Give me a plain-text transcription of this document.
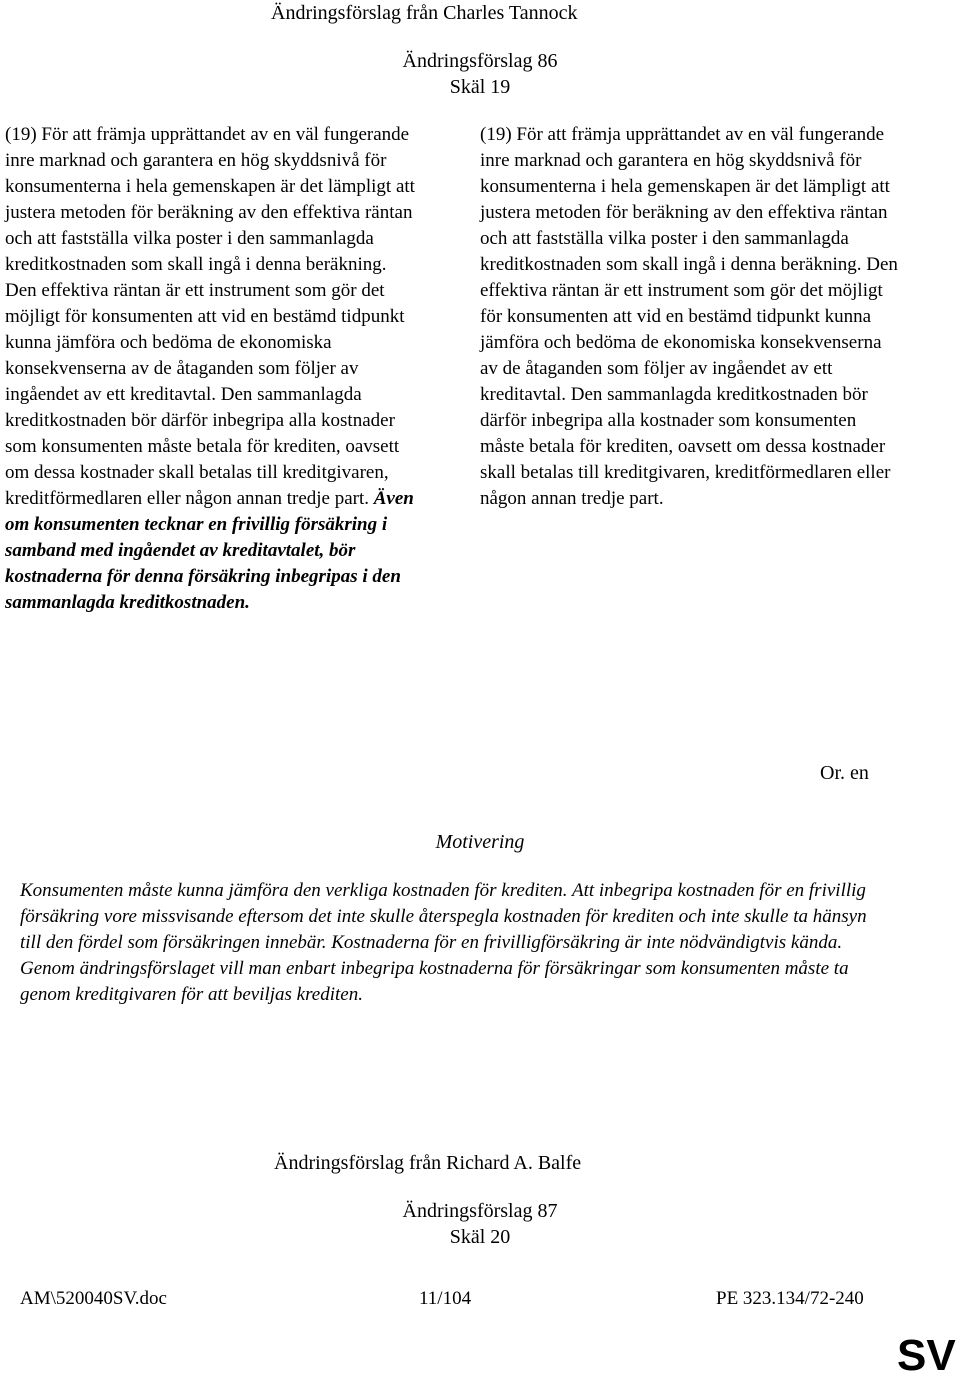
Ändringsförslag från Charles Tannock
Ändringsförslag 86
Skäl 19
(19) För att främja upprättandet av en väl fungerande inre marknad och garantera en hög skyddsnivå för konsumenterna i hela gemenskapen är det lämpligt att justera metoden för beräkning av den effektiva räntan och att fastställa vilka poster i den sammanlagda kreditkostnaden som skall ingå i denna beräkning. Den effektiva räntan är ett instrument som gör det möjligt för konsumenten att vid en bestämd tidpunkt kunna jämföra och bedöma de ekonomiska konsekvenserna av de åtaganden som följer av ingåendet av ett kreditavtal. Den sammanlagda kreditkostnaden bör därför inbegripa alla kostnader som konsumenten måste betala för krediten, oavsett om dessa kostnader skall betalas till kreditgivaren, kreditförmedlaren eller någon annan tredje part. Även om konsumenten tecknar en frivillig försäkring i samband med ingåendet av kreditavtalet, bör kostnaderna för denna försäkring inbegripas i den sammanlagda kreditkostnaden.
(19) För att främja upprättandet av en väl fungerande inre marknad och garantera en hög skyddsnivå för konsumenterna i hela gemenskapen är det lämpligt att justera metoden för beräkning av den effektiva räntan och att fastställa vilka poster i den sammanlagda kreditkostnaden som skall ingå i denna beräkning. Den effektiva räntan är ett instrument som gör det möjligt för konsumenten att vid en bestämd tidpunkt kunna jämföra och bedöma de ekonomiska konsekvenserna av de åtaganden som följer av ingåendet av ett kreditavtal. Den sammanlagda kreditkostnaden bör därför inbegripa alla kostnader som konsumenten måste betala för krediten, oavsett om dessa kostnader skall betalas till kreditgivaren, kreditförmedlaren eller någon annan tredje part.
Or. en
Motivering
Konsumenten måste kunna jämföra den verkliga kostnaden för krediten. Att inbegripa kostnaden för en frivillig försäkring vore missvisande eftersom det inte skulle återspegla kostnaden för krediten och inte skulle ta hänsyn till den fördel som försäkringen innebär. Kostnaderna för en frivilligförsäkring är inte nödvändigtvis kända. Genom ändringsförslaget vill man enbart inbegripa kostnaderna för försäkringar som konsumenten måste ta genom kreditgivaren för att beviljas krediten.
Ändringsförslag från Richard A. Balfe
Ändringsförslag 87
Skäl 20
AM\520040SV.doc	11/104	PE 323.134/72-240
SV
